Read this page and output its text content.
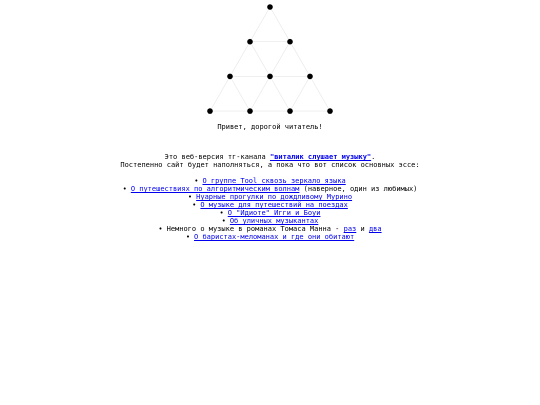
Привет, дорогой читатель!
Это веб-версия тг-канала "виталик слушает музыку".
Постепенно сайт будет наполняться, а пока что вот список основных эссе:
• О группе Tool сквозь зеркало языка
• О путешествиях по алгоритмическим волнам (наверное, один из любимых)
• Нуарные прогулки по дождливому Мурино
• О музыке для путешествий на поездах
• О "Идиоте" Игги и Боуи
• Об уличных музыкантах
• Немного о музыке в романах Томаса Манна - раз и два
• О баристах-меломанах и где они обитают
